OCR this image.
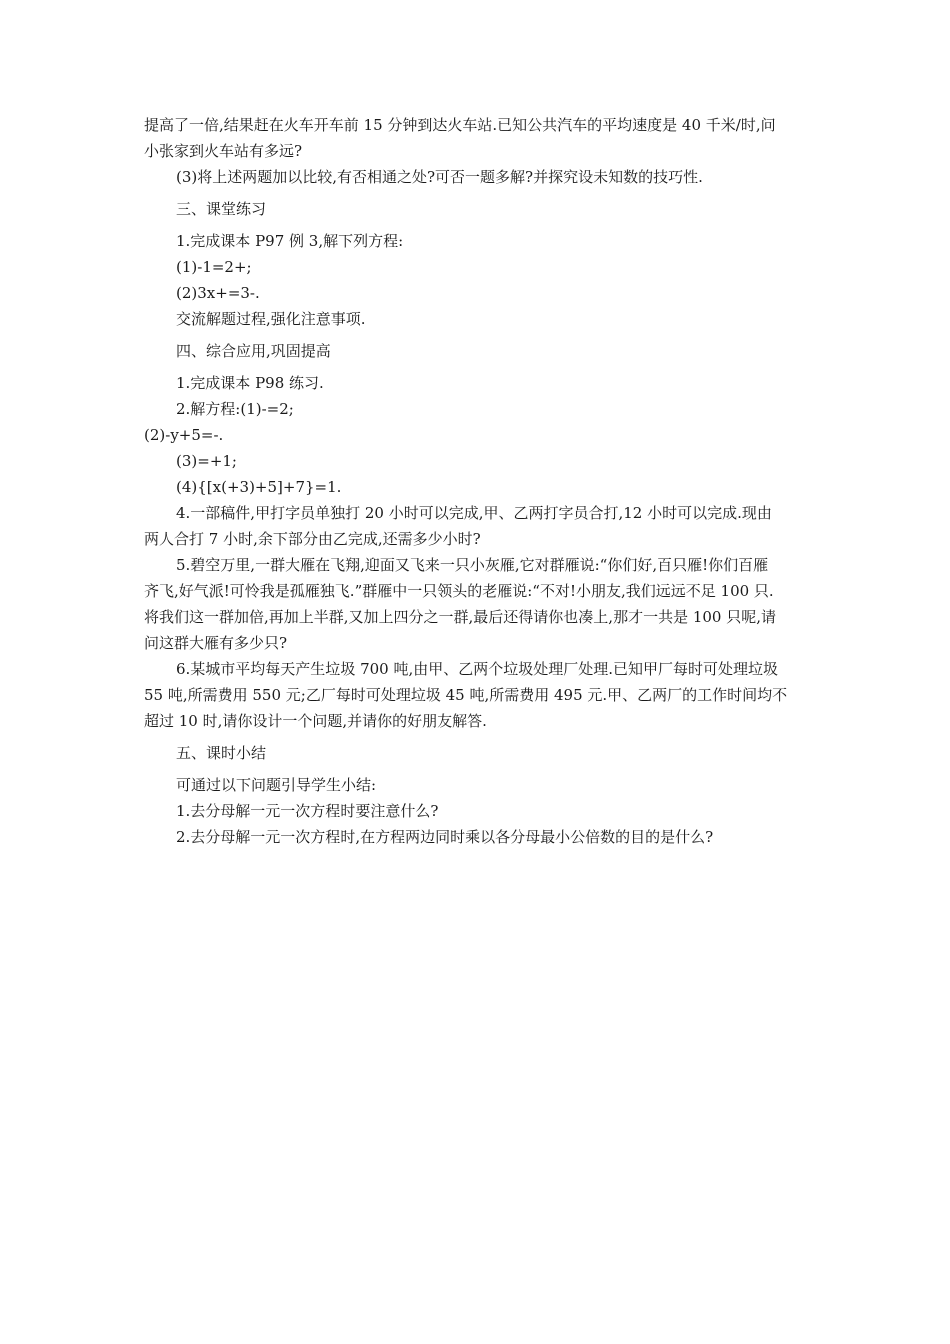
提高了一倍,结果赶在火车开车前 15 分钟到达火车站.已知公共汽车的平均速度是 40 千米/时,问
小张家到火车站有多远?
(3)将上述两题加以比较,有否相通之处?可否一题多解?并探究设未知数的技巧性.
三、课堂练习
1.完成课本 P97 例 3,解下列方程:
(1)-1=2+;
(2)3x+=3-.
交流解题过程,强化注意事项.
四、综合应用,巩固提高
1.完成课本 P98 练习.
2.解方程:(1)-=2;
(2)-y+5=-.
(3)=+1;
(4){[x(+3)+5]+7}=1.
4.一部稿件,甲打字员单独打 20 小时可以完成,甲、乙两打字员合打,12 小时可以完成.现由
两人合打 7 小时,余下部分由乙完成,还需多少小时?
5.碧空万里,一群大雁在飞翔,迎面又飞来一只小灰雁,它对群雁说:“你们好,百只雁!你们百雁
齐飞,好气派!可怜我是孤雁独飞.”群雁中一只领头的老雁说:“不对!小朋友,我们远远不足 100 只.
将我们这一群加倍,再加上半群,又加上四分之一群,最后还得请你也凑上,那才一共是 100 只呢,请
问这群大雁有多少只?
6.某城市平均每天产生垃圾 700 吨,由甲、乙两个垃圾处理厂处理.已知甲厂每时可处理垃圾
55 吨,所需费用 550 元;乙厂每时可处理垃圾 45 吨,所需费用 495 元.甲、乙两厂的工作时间均不
超过 10 时,请你设计一个问题,并请你的好朋友解答.
五、课时小结
可通过以下问题引导学生小结:
1.去分母解一元一次方程时要注意什么?
2.去分母解一元一次方程时,在方程两边同时乘以各分母最小公倍数的目的是什么?
